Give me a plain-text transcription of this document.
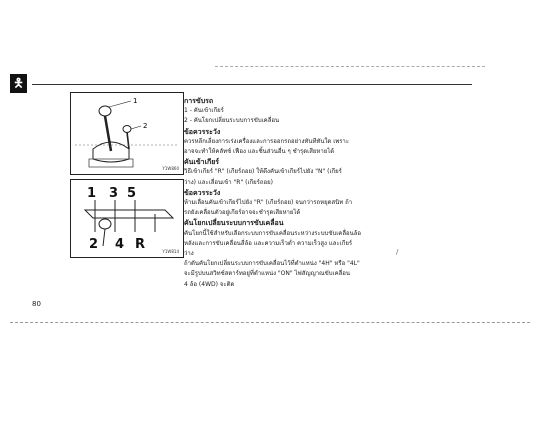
🯅
1
2
Y1W860
1 3 5
2 4 R	Y1W814

การขับรถ

1 - คันเข้าเกียร์

2 - คันโยกเปลี่ยนระบบการขับเคลื่อน

ข้อควรระวัง

ควรหลีกเลี่ยงการเร่งเครื่องและการออกรถอย่างทันทีทันใด เพราะ

อาจจะทำให้คลัทช์ เฟือง และชิ้นส่วนอื่น ๆ ชำรุดเสียหายได้

คันเข้าเกียร์

วิธีเข้าเกียร์ "R" (เกียร์ถอย) ให้ดึงคันเข้าเกียร์ไปยัง "N" (เกียร์

ว่าง) และเลื่อนเข้า "R" (เกียร์ถอย)

ข้อควรระวัง

ห้ามเลื่อนคันเข้าเกียร์ไปยัง "R" (เกียร์ถอย) จนกว่ารถหยุดสนิท ถ้า

รถยังเคลื่อนตัวอยู่เกียร์อาจจะชำรุดเสียหายได้

คันโยกเปลี่ยนระบบการขับเคลื่อน

คันโยกนี้ใช้สำหรับเลือกระบบการขับเคลื่อนระหว่างระบบขับเคลื่อนล้อ

หลังและการขับเคลื่อนสี่ล้อ และความเร็วต่ำ ความเร็วสูง และเกียร์

ว่าง

ถ้าดันคันโยกเปลี่ยนระบบการขับเคลื่อนไว้ที่ตำแหน่ง "4H" หรือ "4L"

จะมีรูปบนสวิทช์สตาร์ทอยู่ที่ตำแหน่ง "ON" ไฟสัญญาณขับเคลื่อน

4 ล้อ (4WD) จะติด

/
80
